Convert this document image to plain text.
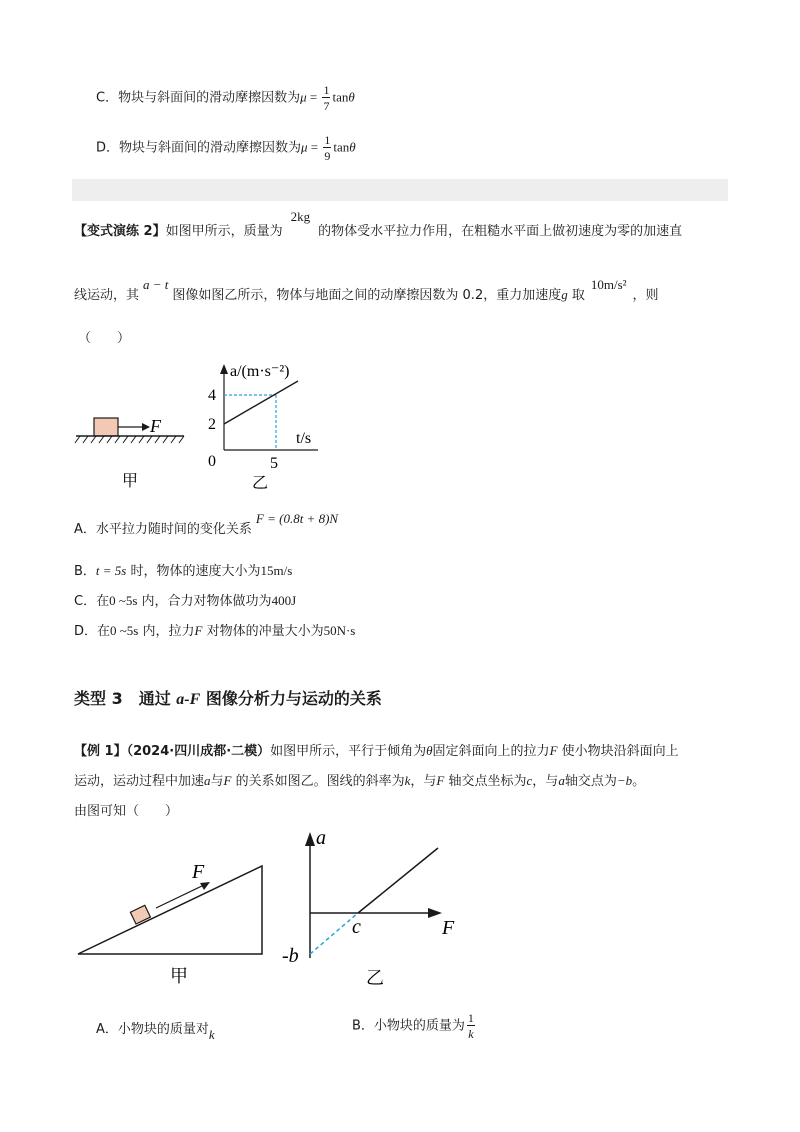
C．物块与斜面间的滑动摩擦因数为$\mu = \frac{1}{7}$ tanθ
D．物块与斜面间的滑动摩擦因数为$\mu = \frac{1}{9}$ tanθ
【变式演练 2】如图甲所示，质量为2kg的物体受水平拉力作用，在粗糙水平面上做初速度为零的加速直
线运动，其a − t图像如图乙所示，物体与地面之间的动摩擦因数为 0.2，重力加速度g 取10m/s²，则
（　　）
F
甲
a/(m·s⁻²)
t/s
4
2
0	5
乙
A．水平拉力随时间的变化关系F = (0.8t + 8)N
B．t = 5s 时，物体的速度大小为15m/s
C．在0 ~5s 内，合力对物体做功为400J
D．在0 ~5s 内，拉力F 对物体的冲量大小为50N·s
类型 3　通过 a-F 图像分析力与运动的关系
【例 1】（2024·四川成都·二模）如图甲所示，平行于倾角为θ固定斜面向上的拉力F 使小物块沿斜面向上
运动，运动过程中加速a与F 的关系如图乙。图线的斜率为k，与F 轴交点坐标为c，与a轴交点为−b。
由图可知（　　）
F
甲
a
F
c
-b
乙
A．小物块的质量对k
B．小物块的质量为 $\frac{1}{k}$
